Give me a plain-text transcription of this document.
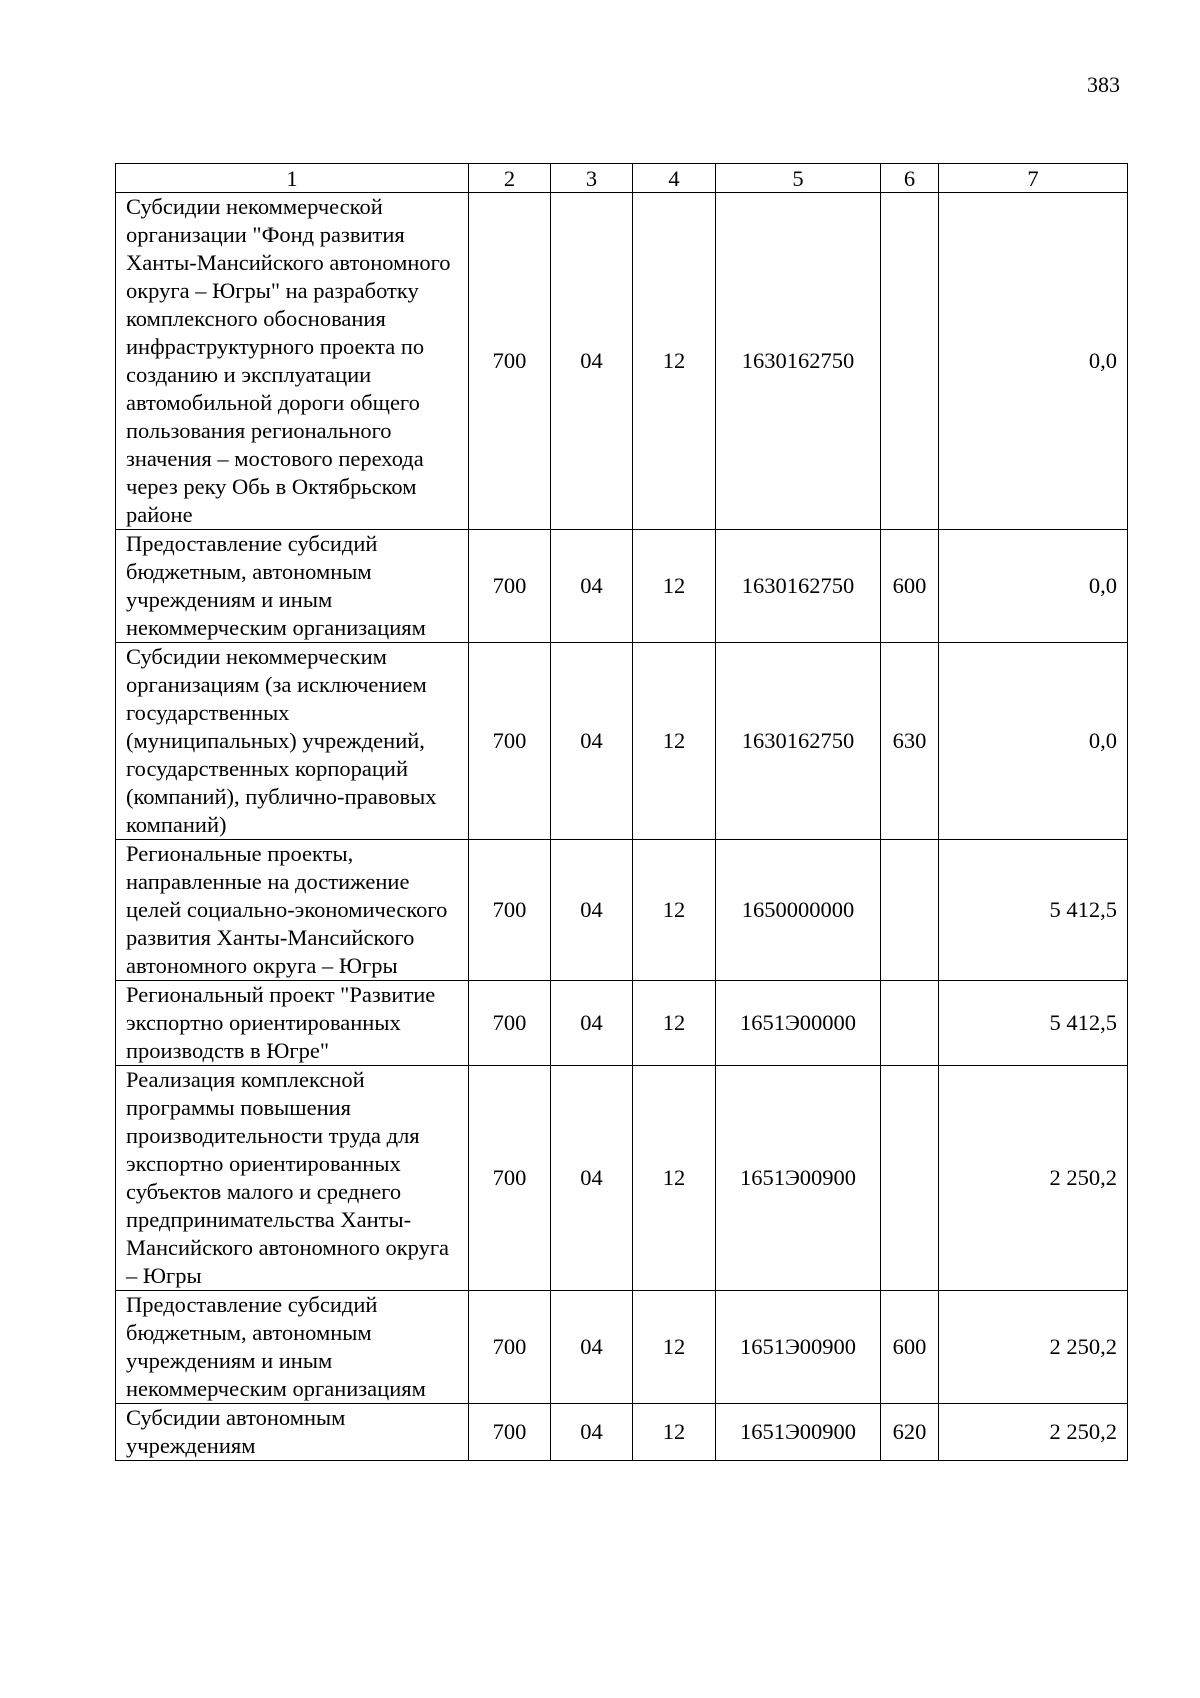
383
1	2	3	4	5	6	7
Субсидии некоммерческой организации "Фонд развития Ханты-Мансийского автономного округа – Югры" на разработку комплексного обоснования инфраструктурного проекта по созданию и эксплуатации автомобильной дороги общего пользования регионального значения – мостового перехода через реку Обь в Октябрьском районе	700	04	12	1630162750		0,0
Предоставление субсидий бюджетным, автономным учреждениям и иным некоммерческим организациям	700	04	12	1630162750	600	0,0
Субсидии некоммерческим организациям (за исключением государственных (муниципальных) учреждений, государственных корпораций (компаний), публично-правовых компаний)	700	04	12	1630162750	630	0,0
Региональные проекты, направленные на достижение целей социально-экономического развития Ханты-Мансийского автономного округа – Югры	700	04	12	1650000000		5 412,5
Региональный проект "Развитие экспортно ориентированных производств в Югре"	700	04	12	1651Э00000		5 412,5
Реализация комплексной программы повышения производительности труда для экспортно ориентированных субъектов малого и среднего предпринимательства Ханты-Мансийского автономного округа – Югры	700	04	12	1651Э00900		2 250,2
Предоставление субсидий бюджетным, автономным учреждениям и иным некоммерческим организациям	700	04	12	1651Э00900	600	2 250,2
Субсидии автономным учреждениям	700	04	12	1651Э00900	620	2 250,2
